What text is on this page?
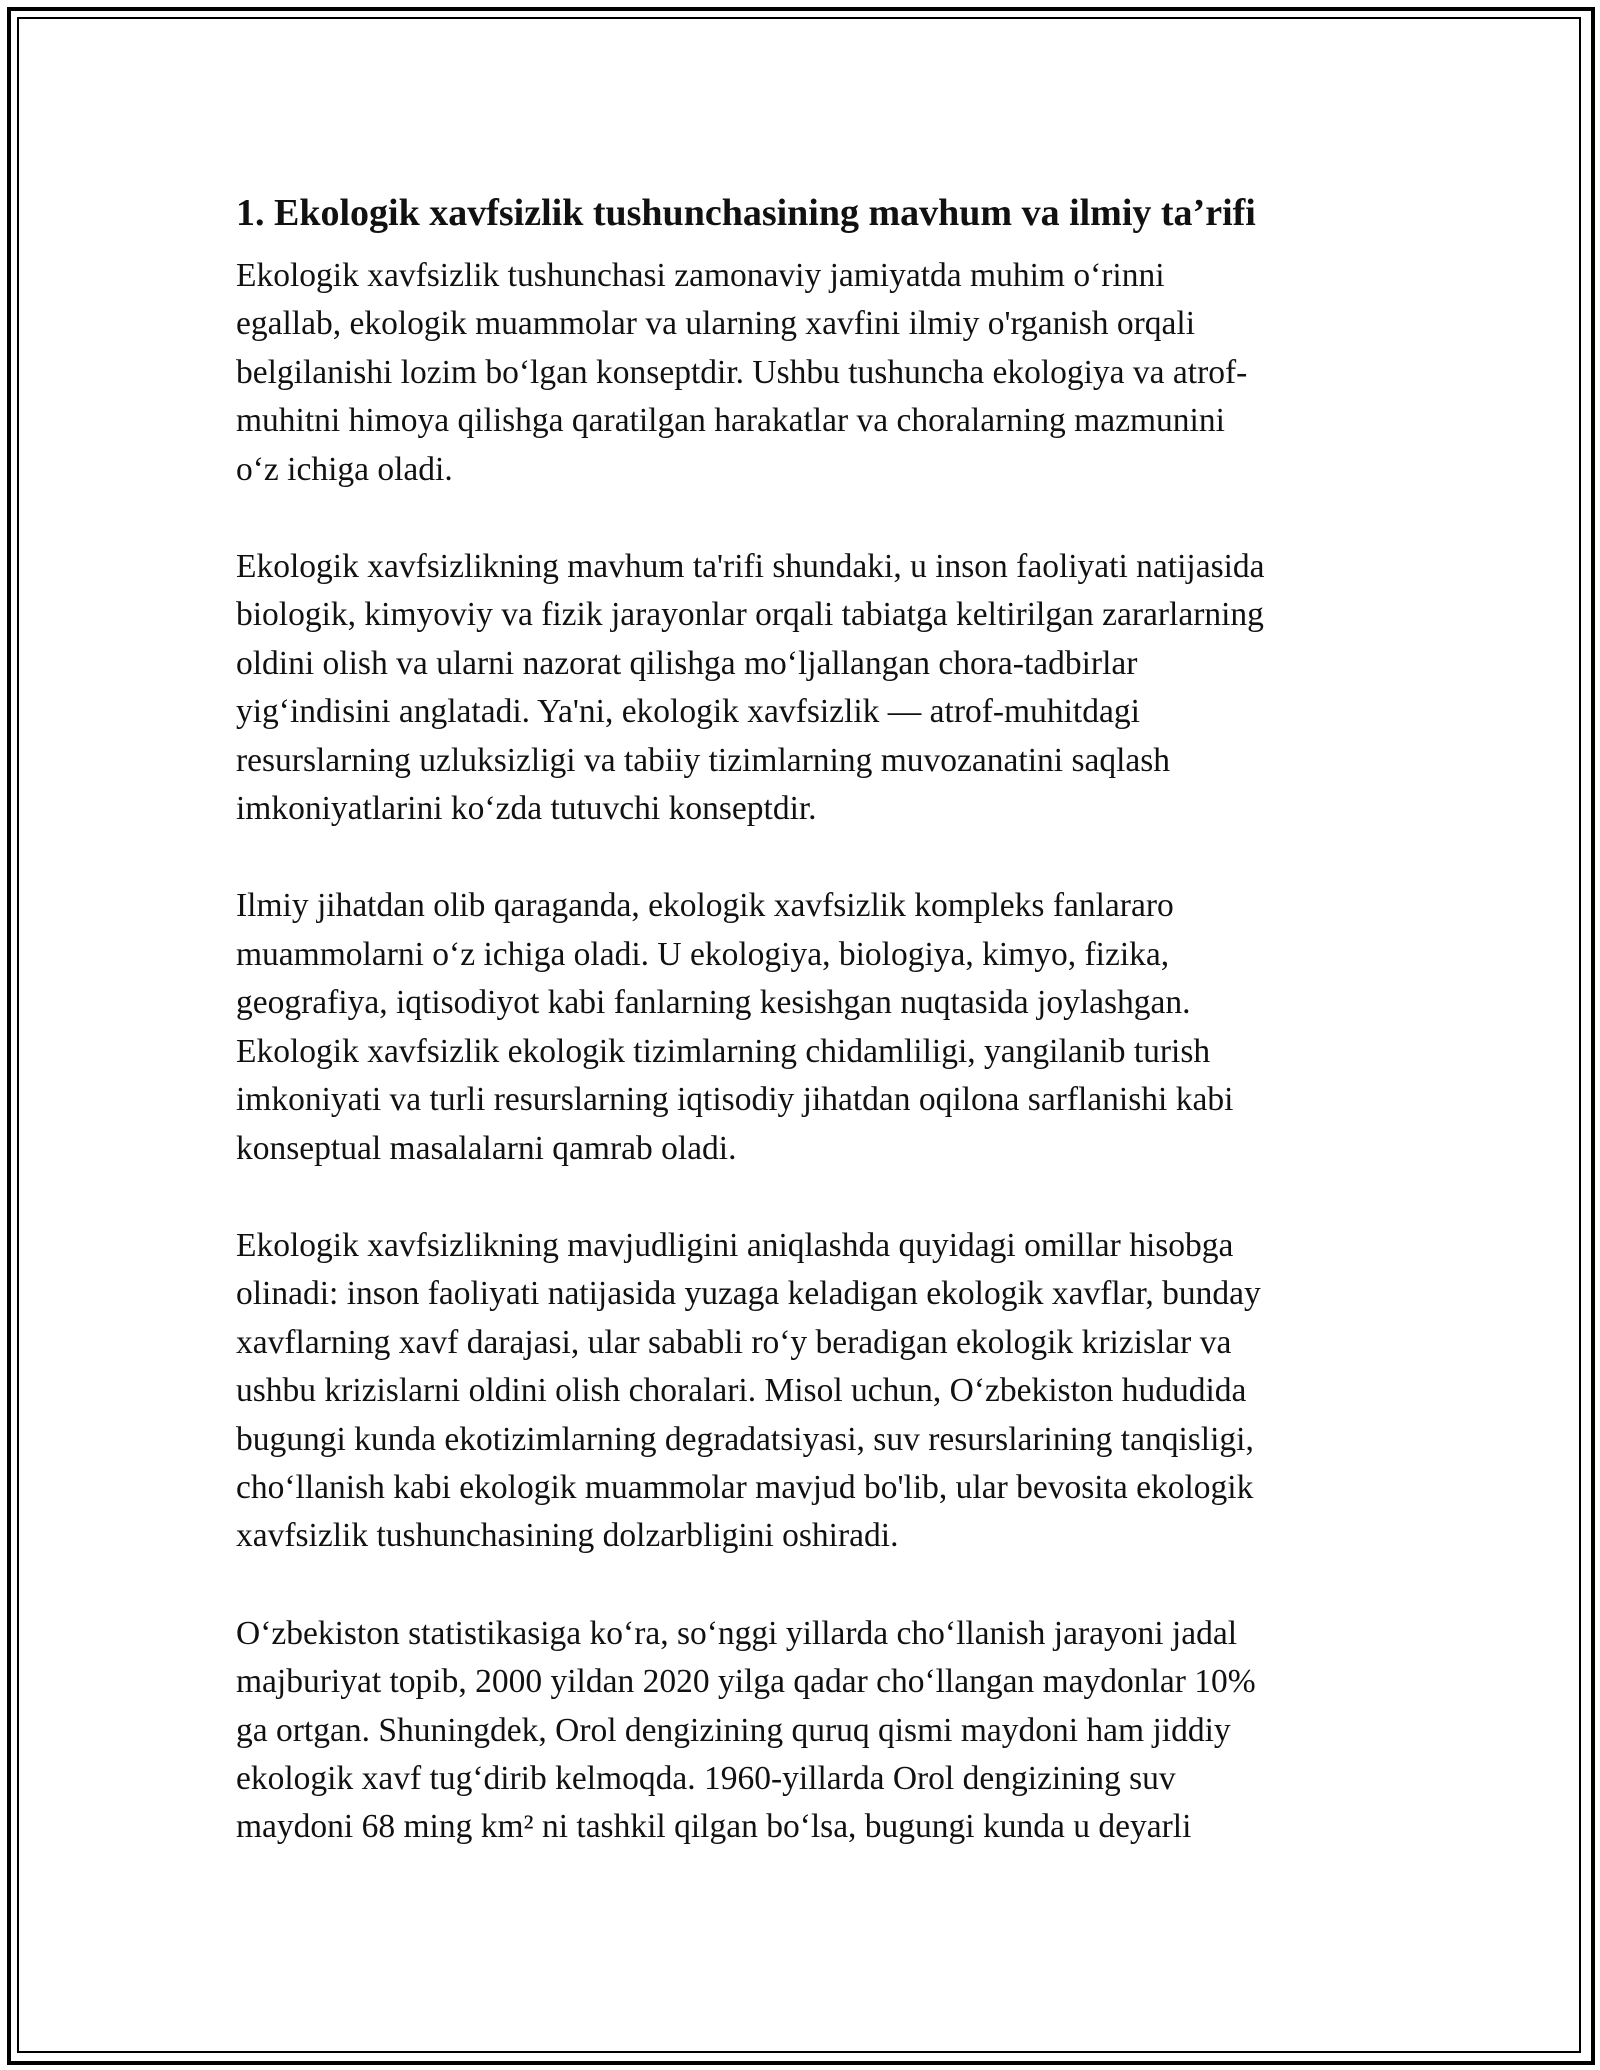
1. Ekologik xavfsizlik tushunchasining mavhum va ilmiy ta’rifi

Ekologik xavfsizlik tushunchasi zamonaviy jamiyatda muhim o‘rinni
egallab, ekologik muammolar va ularning xavfini ilmiy o'rganish orqali
belgilanishi lozim bo‘lgan konseptdir. Ushbu tushuncha ekologiya va atrof-
muhitni himoya qilishga qaratilgan harakatlar va choralarning mazmunini
o‘z ichiga oladi.

Ekologik xavfsizlikning mavhum ta'rifi shundaki, u inson faoliyati natijasida
biologik, kimyoviy va fizik jarayonlar orqali tabiatga keltirilgan zararlarning
oldini olish va ularni nazorat qilishga mo‘ljallangan chora-tadbirlar
yig‘indisini anglatadi. Ya'ni, ekologik xavfsizlik — atrof-muhitdagi
resurslarning uzluksizligi va tabiiy tizimlarning muvozanatini saqlash
imkoniyatlarini ko‘zda tutuvchi konseptdir.

Ilmiy jihatdan olib qaraganda, ekologik xavfsizlik kompleks fanlararo
muammolarni o‘z ichiga oladi. U ekologiya, biologiya, kimyo, fizika,
geografiya, iqtisodiyot kabi fanlarning kesishgan nuqtasida joylashgan.
Ekologik xavfsizlik ekologik tizimlarning chidamliligi, yangilanib turish
imkoniyati va turli resurslarning iqtisodiy jihatdan oqilona sarflanishi kabi
konseptual masalalarni qamrab oladi.

Ekologik xavfsizlikning mavjudligini aniqlashda quyidagi omillar hisobga
olinadi: inson faoliyati natijasida yuzaga keladigan ekologik xavflar, bunday
xavflarning xavf darajasi, ular sababli ro‘y beradigan ekologik krizislar va
ushbu krizislarni oldini olish choralari. Misol uchun, O‘zbekiston hududida
bugungi kunda ekotizimlarning degradatsiyasi, suv resurslarining tanqisligi,
cho‘llanish kabi ekologik muammolar mavjud bo'lib, ular bevosita ekologik
xavfsizlik tushunchasining dolzarbligini oshiradi.

O‘zbekiston statistikasiga ko‘ra, so‘nggi yillarda cho‘llanish jarayoni jadal
majburiyat topib, 2000 yildan 2020 yilga qadar cho‘llangan maydonlar 10%
ga ortgan. Shuningdek, Orol dengizining quruq qismi maydoni ham jiddiy
ekologik xavf tug‘dirib kelmoqda. 1960-yillarda Orol dengizining suv
maydoni 68 ming km² ni tashkil qilgan bo‘lsa, bugungi kunda u deyarli
